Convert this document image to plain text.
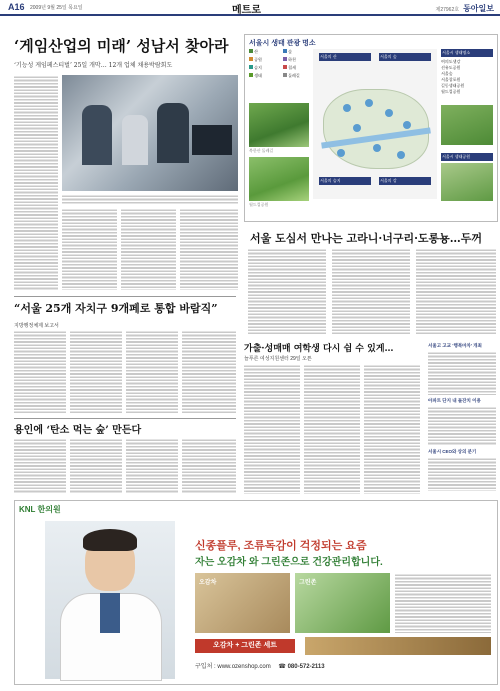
A16 2009년 9월 25일 목요일	메트로	제27962호 동아일보
‘게임산업의 미래’ 성남서 찾아라
‘기능성 게임페스티벌’ 25일 개막… 12개 업체 채용박람회도
서울시 생태 관광 명소
산	숲
공원	하천
습지	철새
생태	둘레길
북한산 둘레길
월드컵공원
서울의 산	서울의 숲
서울의 습지	서울의 강
서울시 생태명소
여의도샛강
선유도공원
서울숲
서울창포원
길동생태공원
월드컵공원
서울시 생태공원
서울 도심서 만나는 고라니·너구리·도롱뇽…두꺼
“서울 25개 자치구 9개페로 통합 바람직”
지방행정체제 보고서
가출·성매매 여학생 다시 쉼 수 있게…
늘푸른 여성지원센터 29일 오픈
서울고 고교 ‘행복마차’ 개최
아파트 단지 내 돌잔치 이용
서울시 CEO와 상의 분기
용인에 ‘탄소 먹는 숲’ 만든다
KNL 한의원
신종플루, 조류독감이 걱정되는 요즘
자는 오감차 와 그린존으로 건강관리합니다.
오감차	그린존
오감차 + 그린존 세트
구입처 : www.ozenshop.com ☎ 080-572-2113
